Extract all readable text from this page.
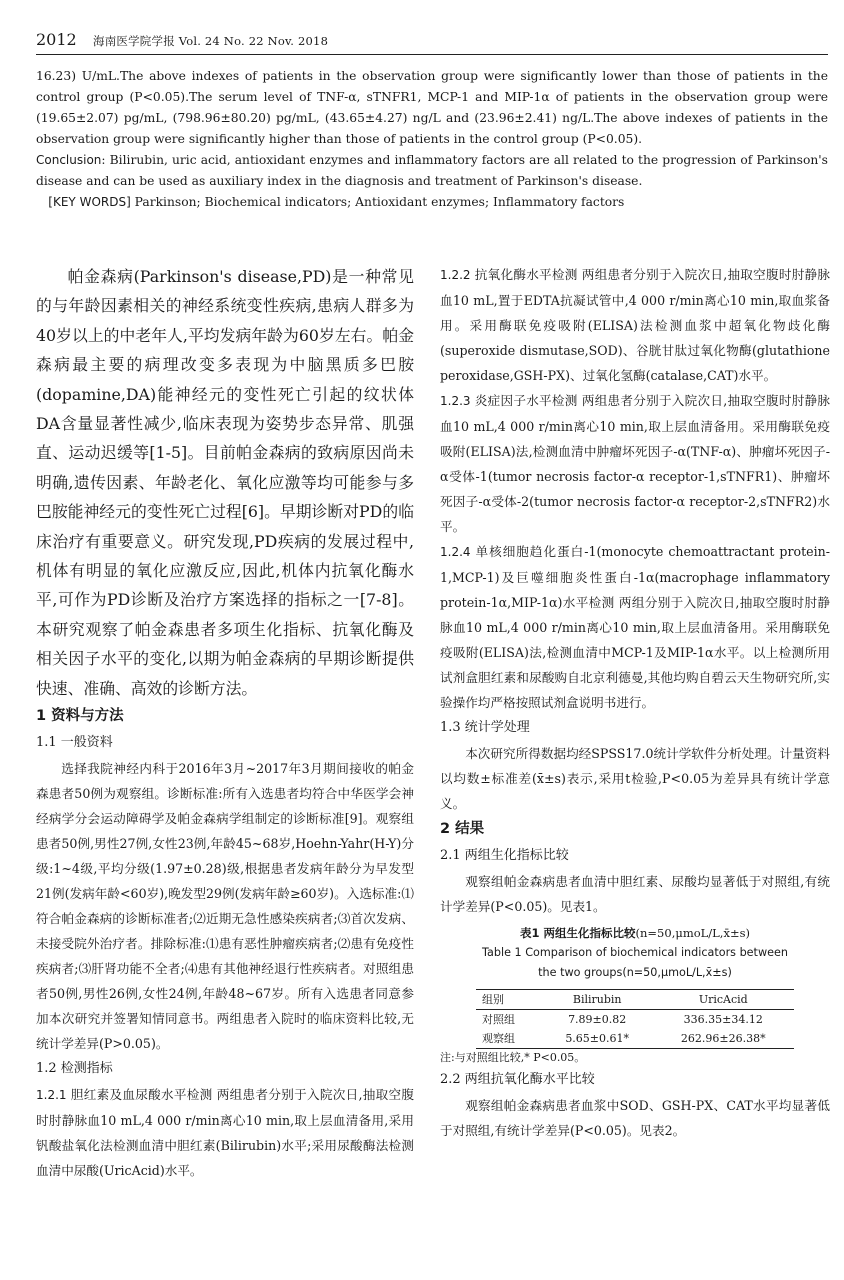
2012 海南医学院学报 Vol. 24 No. 22 Nov. 2018

16.23) U/mL.The above indexes of patients in the observation group were significantly lower than those of patients in the control group (P<0.05).The serum level of TNF-α, sTNFR1, MCP-1 and MIP-1α of patients in the observation group were (19.65±2.07) pg/mL, (798.96±80.20) pg/mL, (43.65±4.27) ng/L and (23.96±2.41) ng/L.The above indexes of patients in the observation group were significantly higher than those of patients in the control group (P<0.05).

Conclusion: Bilirubin, uric acid, antioxidant enzymes and inflammatory factors are all related to the progression of Parkinson's disease and can be used as auxiliary index in the diagnosis and treatment of Parkinson's disease.

[KEY WORDS] Parkinson; Biochemical indicators; Antioxidant enzymes; Inflammatory factors

帕金森病(Parkinson's disease,PD)是一种常见的与年龄因素相关的神经系统变性疾病,患病人群多为40岁以上的中老年人,平均发病年龄为60岁左右。帕金森病最主要的病理改变多表现为中脑黑质多巴胺(dopamine,DA)能神经元的变性死亡引起的纹状体DA含量显著性减少,临床表现为姿势步态异常、肌强直、运动迟缓等[1-5]。目前帕金森病的致病原因尚未明确,遗传因素、年龄老化、氧化应激等均可能参与多巴胺能神经元的变性死亡过程[6]。早期诊断对PD的临床治疗有重要意义。研究发现,PD疾病的发展过程中,机体有明显的氧化应激反应,因此,机体内抗氧化酶水平,可作为PD诊断及治疗方案选择的指标之一[7-8]。本研究观察了帕金森患者多项生化指标、抗氧化酶及相关因子水平的变化,以期为帕金森病的早期诊断提供快速、准确、高效的诊断方法。

1 资料与方法

1.1 一般资料

选择我院神经内科于2016年3月~2017年3月期间接收的帕金森患者50例为观察组。诊断标准:所有入选患者均符合中华医学会神经病学分会运动障碍学及帕金森病学组制定的诊断标准[9]。观察组患者50例,男性27例,女性23例,年龄45~68岁,Hoehn-Yahr(H-Y)分级:1~4级,平均分级(1.97±0.28)级,根据患者发病年龄分为早发型21例(发病年龄<60岁),晚发型29例(发病年龄≥60岁)。入选标准:⑴符合帕金森病的诊断标准者;⑵近期无急性感染疾病者;⑶首次发病、未接受院外治疗者。排除标准:⑴患有恶性肿瘤疾病者;⑵患有免疫性疾病者;⑶肝肾功能不全者;⑷患有其他神经退行性疾病者。对照组患者50例,男性26例,女性24例,年龄48~67岁。所有入选患者同意参加本次研究并签署知情同意书。两组患者入院时的临床资料比较,无统计学差异(P>0.05)。

1.2 检测指标

1.2.1 胆红素及血尿酸水平检测 两组患者分别于入院次日,抽取空腹时肘静脉血10 mL,4 000 r/min离心10 min,取上层血清备用,采用钒酸盐氧化法检测血清中胆红素(Bilirubin)水平;采用尿酸酶法检测血清中尿酸(UricAcid)水平。

1.2.2 抗氧化酶水平检测 两组患者分别于入院次日,抽取空腹时肘静脉血10 mL,置于EDTA抗凝试管中,4 000 r/min离心10 min,取血浆备用。采用酶联免疫吸附(ELISA)法检测血浆中超氧化物歧化酶(superoxide dismutase,SOD)、谷胱甘肽过氧化物酶(glutathione peroxidase,GSH-PX)、过氧化氢酶(catalase,CAT)水平。

1.2.3 炎症因子水平检测 两组患者分别于入院次日,抽取空腹时肘静脉血10 mL,4 000 r/min离心10 min,取上层血清备用。采用酶联免疫吸附(ELISA)法,检测血清中肿瘤坏死因子-α(TNF-α)、肿瘤坏死因子-α受体-1(tumor necrosis factor-α receptor-1,sTNFR1)、肿瘤坏死因子-α受体-2(tumor necrosis factor-α receptor-2,sTNFR2)水平。

1.2.4 单核细胞趋化蛋白-1(monocyte chemoattractant protein-1,MCP-1)及巨噬细胞炎性蛋白-1α(macrophage inflammatory protein-1α,MIP-1α)水平检测 两组分别于入院次日,抽取空腹时肘静脉血10 mL,4 000 r/min离心10 min,取上层血清备用。采用酶联免疫吸附(ELISA)法,检测血清中MCP-1及MIP-1α水平。以上检测所用试剂盒胆红素和尿酸购自北京利德曼,其他均购自碧云天生物研究所,实验操作均严格按照试剂盒说明书进行。

1.3 统计学处理

本次研究所得数据均经SPSS17.0统计学软件分析处理。计量资料以均数±标准差(x̄±s)表示,采用t检验,P<0.05为差异具有统计学意义。

2 结果

2.1 两组生化指标比较

观察组帕金森病患者血清中胆红素、尿酸均显著低于对照组,有统计学差异(P<0.05)。见表1。

表1 两组生化指标比较(n=50,μmoL/L,x̄±s)
Table 1 Comparison of biochemical indicators between
the two groups(n=50,μmoL/L,x̄±s)
组别	Bilirubin	UricAcid
对照组	7.89±0.82	336.35±34.12
观察组	5.65±0.61*	262.96±26.38*

注:与对照组比较,* P<0.05。

2.2 两组抗氧化酶水平比较

观察组帕金森病患者血浆中SOD、GSH-PX、CAT水平均显著低于对照组,有统计学差异(P<0.05)。见表2。
